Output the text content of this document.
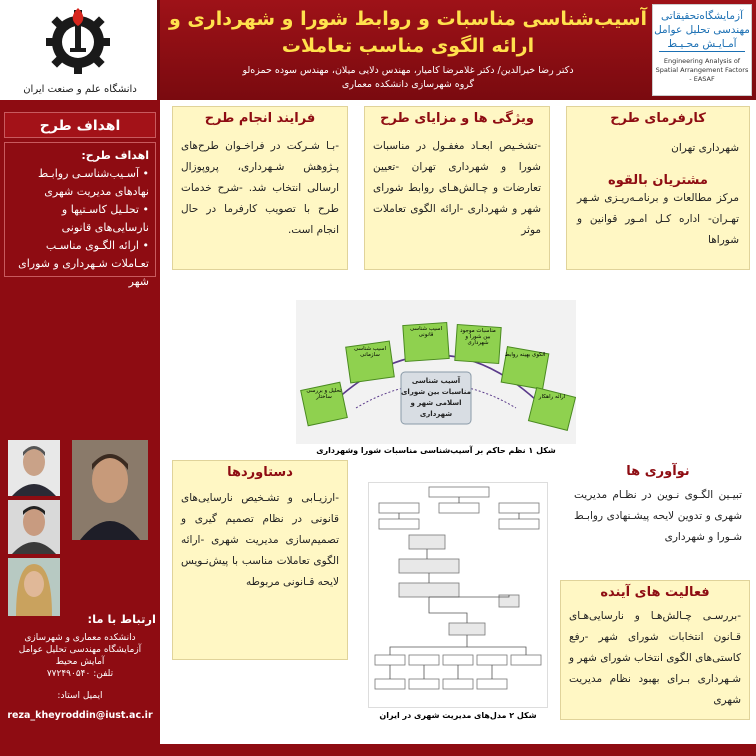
دانشگاه علم و صنعت ایران
آسیب‌شناسی مناسبات و روابط شورا و شهرداری و
ارائه الگوی مناسب تعاملات
دکتر رضا خیرالدین/ دکتر غلامرضا کامیار، مهندس دلایی میلان، مهندس سوده حمزه‌لو
گروه شهرسازی دانشکده معماری
آزمایشگاه‌تحقیقاتی
مهندسی تحلیل عوامل
آمـایـش محـیـط
Engineering Analysis of Spatial Arrangement Factors - EASAF
اهداف طرح
اهداف طرح:
• آسـیب‌شناسـی روابـط نهادهای مدیریت شهری
• تحلـیل کاسـتیها و نارسایی‌های قانونی
• ارائه الگـوی مناسـب تعـاملات شـهرداری و شورای شهر
ارتباط با ما:
دانشکده معماری و شهرسازی
آزمایشگاه مهندسی تحلیل عوامل
آمایش محیط
تلفن: ۷۷۲۴۹۰۵۴۰
ایمیل استاد:
reza_kheyroddin@iust.ac.ir
کارفرمای طرح
شهرداری تهران
مشتریان بالقوه
مرکز مطالعات و برنامـه‌ریـزی شـهر تهـران- اداره کـل امـور قوانین و شوراها
ویژگی ها و مزایای طرح
-تشخـیص ابعـاد مغفـول در مناسبات شورا و شهرداری تهران -تعیین تعارضات و چـالش‌هـای روابط شورای شهر و شهرداری -ارائه الگوی تعاملات موثر
فرایند انجام طرح
-بـا شـرکت در فراخـوان طرح‌های پـژوهش شـهرداری، پروپوزال ارسالی انتخاب شد. -شرح خدمات طرح با تصویب کارفرما در حال انجام است.
آسیب شناسی مناسبات بین شورای اسلامی شهر و شهرداری
تحلیل و بررسی ساختار
آسیب شناسی سازمانی
آسیب شناسی قانونی
مناسبات موجود بین شورا و شهرداری
الگوی بهینه روابط
ارائه راهکار
شکل ۱ نظم حاکم بر آسیب‌شناسی مناسبات شورا وشهرداری
نوآوری ها
تبیـین الگـوی نـوین در نظـام مدیریت شهری و تدوین لایحه پیشـنهادی روابـط شـورا و شهرداری
فعالیت های آینده
-بررسـی چـالش‌هـا و نارسایی‌هـای قـانون انتخابات شورای شهر -رفع کاستی‌های الگوی انتخاب شورای شهر و شـهرداری بـرای بهبود نظام مدیریت شهری
دستاوردها
-ارزیـابی و تشـخیص نارسایی‌های قانونی در نظام تصمیم گیری و تصمیم‌سازی مدیریت شهری -ارائه الگوی تعاملات مناسب با پیش‌نـویس لایحه قـانونی مربوطه
شکل ۲ مدل‌های مدیریت شهری در ایران
